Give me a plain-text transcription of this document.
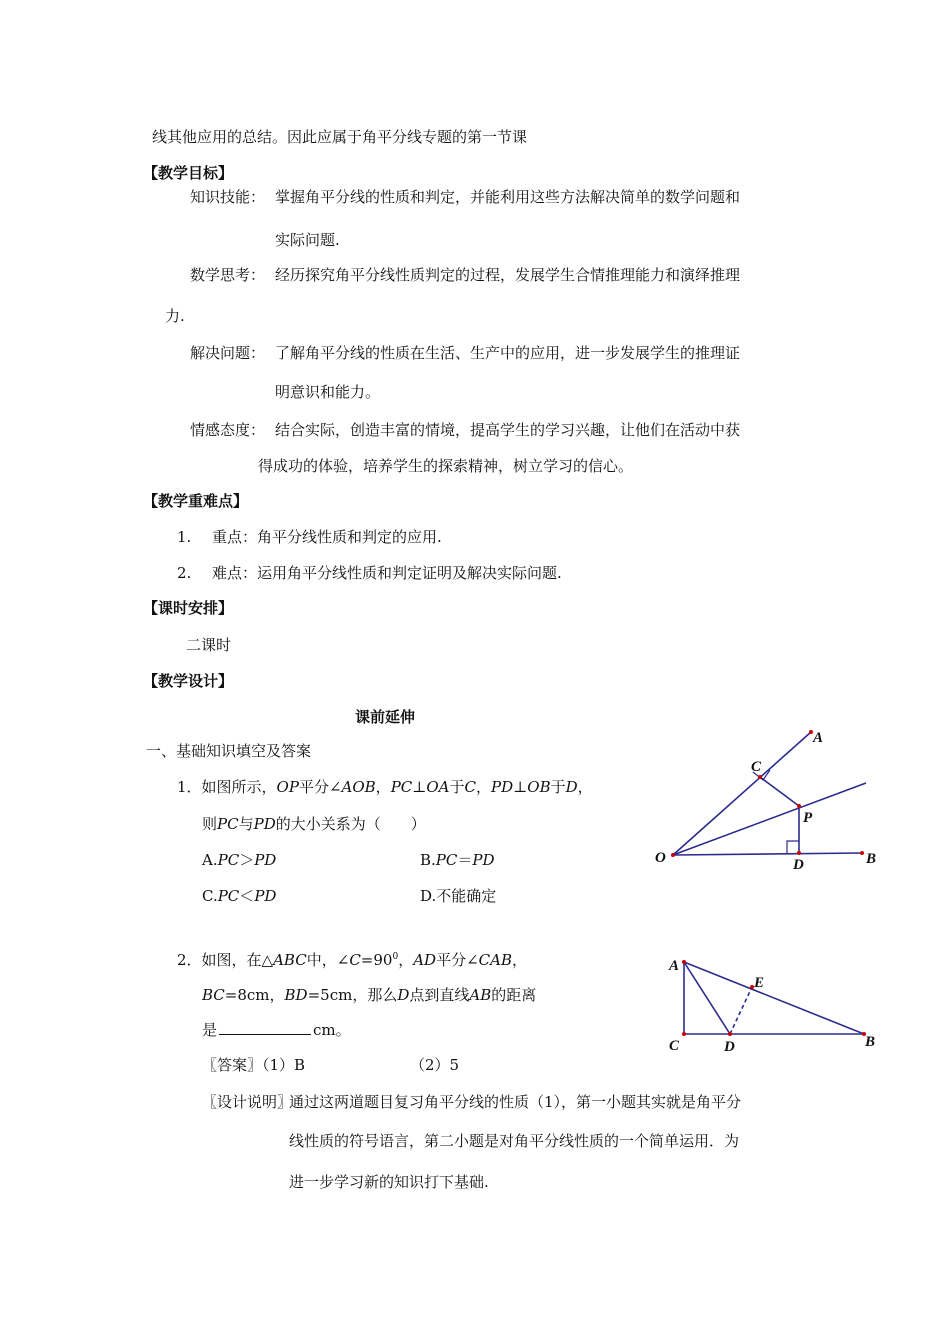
线其他应用的总结。因此应属于角平分线专题的第一节课
【教学目标】
知识技能： 掌握角平分线的性质和判定，并能利用这些方法解决简单的数学问题和
实际问题.
数学思考： 经历探究角平分线性质判定的过程，发展学生合情推理能力和演绎推理
力.
解决问题： 了解角平分线的性质在生活、生产中的应用，进一步发展学生的推理证
明意识和能力。
情感态度： 结合实际，创造丰富的情境，提高学生的学习兴趣，让他们在活动中获
得成功的体验，培养学生的探索精神，树立学习的信心。
【教学重难点】
1. 重点：角平分线性质和判定的应用.
2. 难点：运用角平分线性质和判定证明及解决实际问题.
【课时安排】
二课时
【教学设计】
课前延伸
一、基础知识填空及答案
1．如图所示，OP平分∠AOB，PC⊥OA于C，PD⊥OB于D，
则PC与PD的大小关系为（　　）
A.PC＞PD	B.PC＝PD
C.PC＜PD	D.不能确定
2．如图，在△ABC中，$\angle C=90^0$，AD平分∠CAB，
BC=8cm，BD=5cm，那么D点到直线AB的距离
是	cm。
〖答案〗（1）B	（2）5
〖设计说明〗
通过这两道题目复习角平分线的性质（1），第一小题其实就是角平分
线性质的符号语言，第二小题是对角平分线性质的一个简单运用．为
进一步学习新的知识打下基础.
A
C
P
O	D	B
A
E
C	D	B
